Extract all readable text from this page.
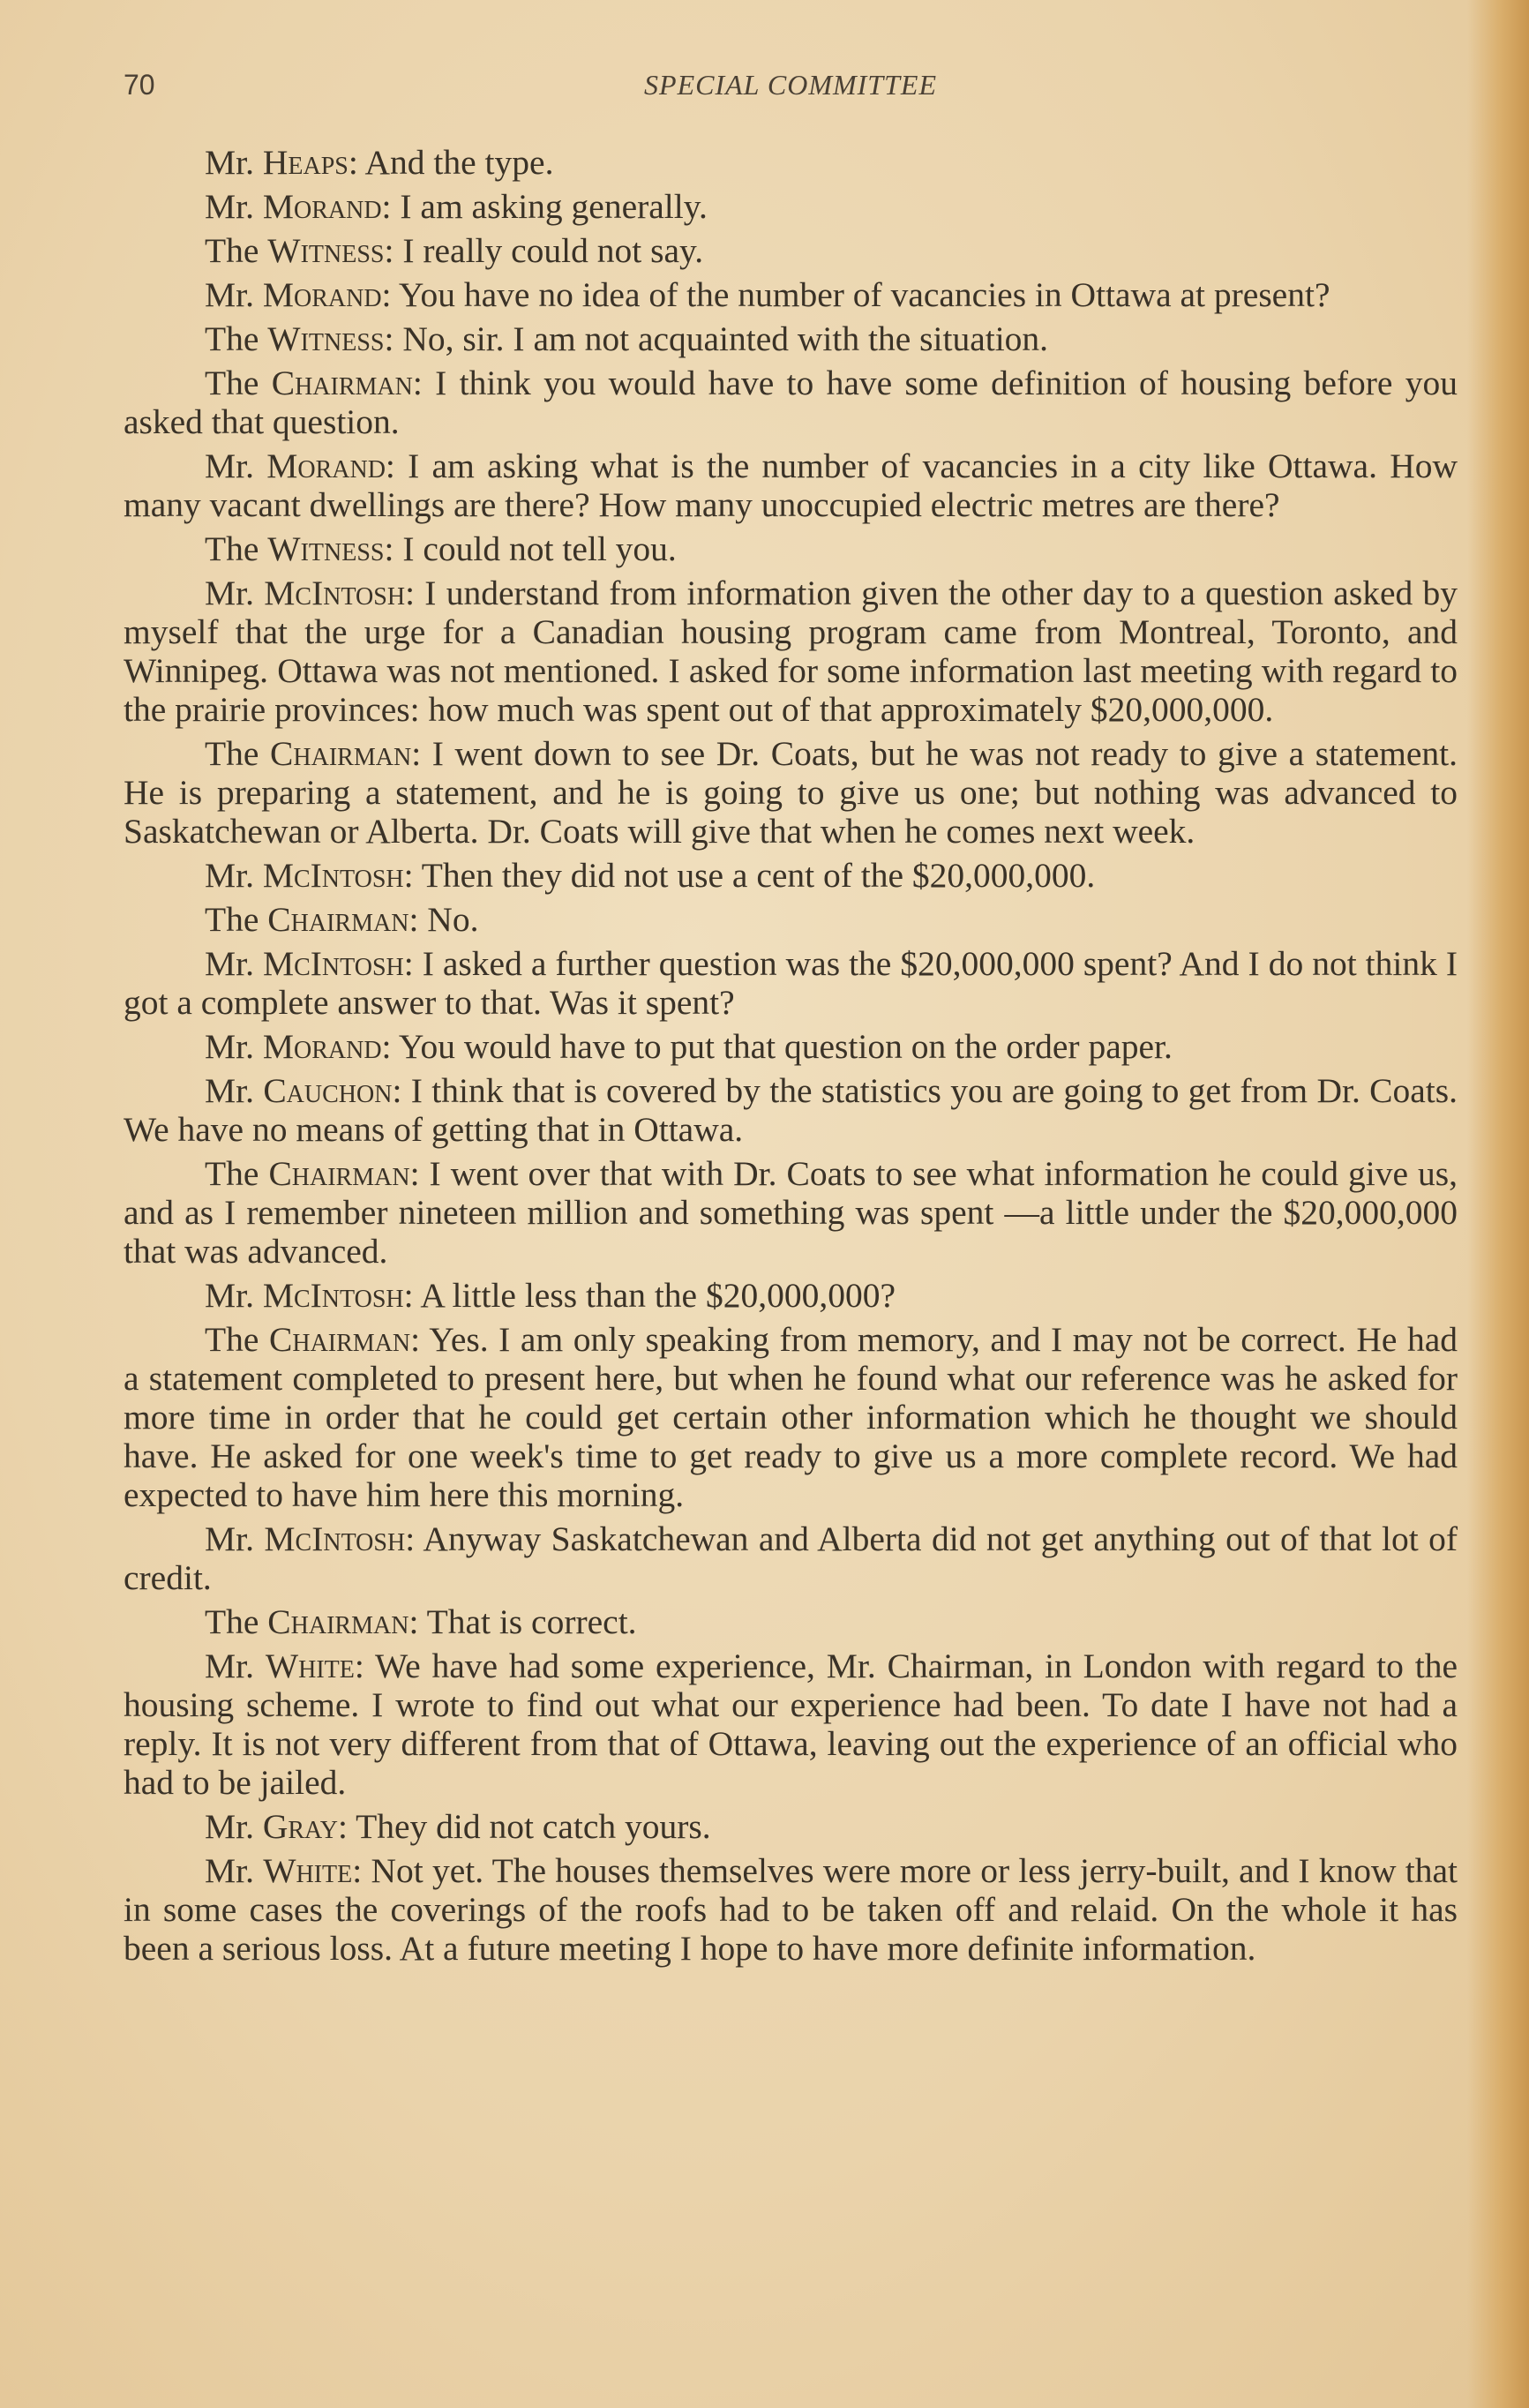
70	SPECIAL COMMITTEE

Mr. Heaps: And the type.

Mr. Morand: I am asking generally.

The Witness: I really could not say.

Mr. Morand: You have no idea of the number of vacancies in Ottawa at present?

The Witness: No, sir. I am not acquainted with the situation.

The Chairman: I think you would have to have some definition of housing before you asked that question.

Mr. Morand: I am asking what is the number of vacancies in a city like Ottawa. How many vacant dwellings are there? How many unoccupied electric metres are there?

The Witness: I could not tell you.

Mr. McIntosh: I understand from information given the other day to a question asked by myself that the urge for a Canadian housing program came from Montreal, Toronto, and Winnipeg. Ottawa was not mentioned. I asked for some information last meeting with regard to the prairie provinces: how much was spent out of that approximately $20,000,000.

The Chairman: I went down to see Dr. Coats, but he was not ready to give a statement. He is preparing a statement, and he is going to give us one; but nothing was advanced to Saskatchewan or Alberta. Dr. Coats will give that when he comes next week.

Mr. McIntosh: Then they did not use a cent of the $20,000,000.

The Chairman: No.

Mr. McIntosh: I asked a further question was the $20,000,000 spent? And I do not think I got a complete answer to that. Was it spent?

Mr. Morand: You would have to put that question on the order paper.

Mr. Cauchon: I think that is covered by the statistics you are going to get from Dr. Coats. We have no means of getting that in Ottawa.

The Chairman: I went over that with Dr. Coats to see what information he could give us, and as I remember nineteen million and something was spent —a little under the $20,000,000 that was advanced.

Mr. McIntosh: A little less than the $20,000,000?

The Chairman: Yes. I am only speaking from memory, and I may not be correct. He had a statement completed to present here, but when he found what our reference was he asked for more time in order that he could get certain other information which he thought we should have. He asked for one week's time to get ready to give us a more complete record. We had expected to have him here this morning.

Mr. McIntosh: Anyway Saskatchewan and Alberta did not get anything out of that lot of credit.

The Chairman: That is correct.

Mr. White: We have had some experience, Mr. Chairman, in London with regard to the housing scheme. I wrote to find out what our experience had been. To date I have not had a reply. It is not very different from that of Ottawa, leaving out the experience of an official who had to be jailed.

Mr. Gray: They did not catch yours.

Mr. White: Not yet. The houses themselves were more or less jerry-built, and I know that in some cases the coverings of the roofs had to be taken off and relaid. On the whole it has been a serious loss. At a future meeting I hope to have more definite information.
